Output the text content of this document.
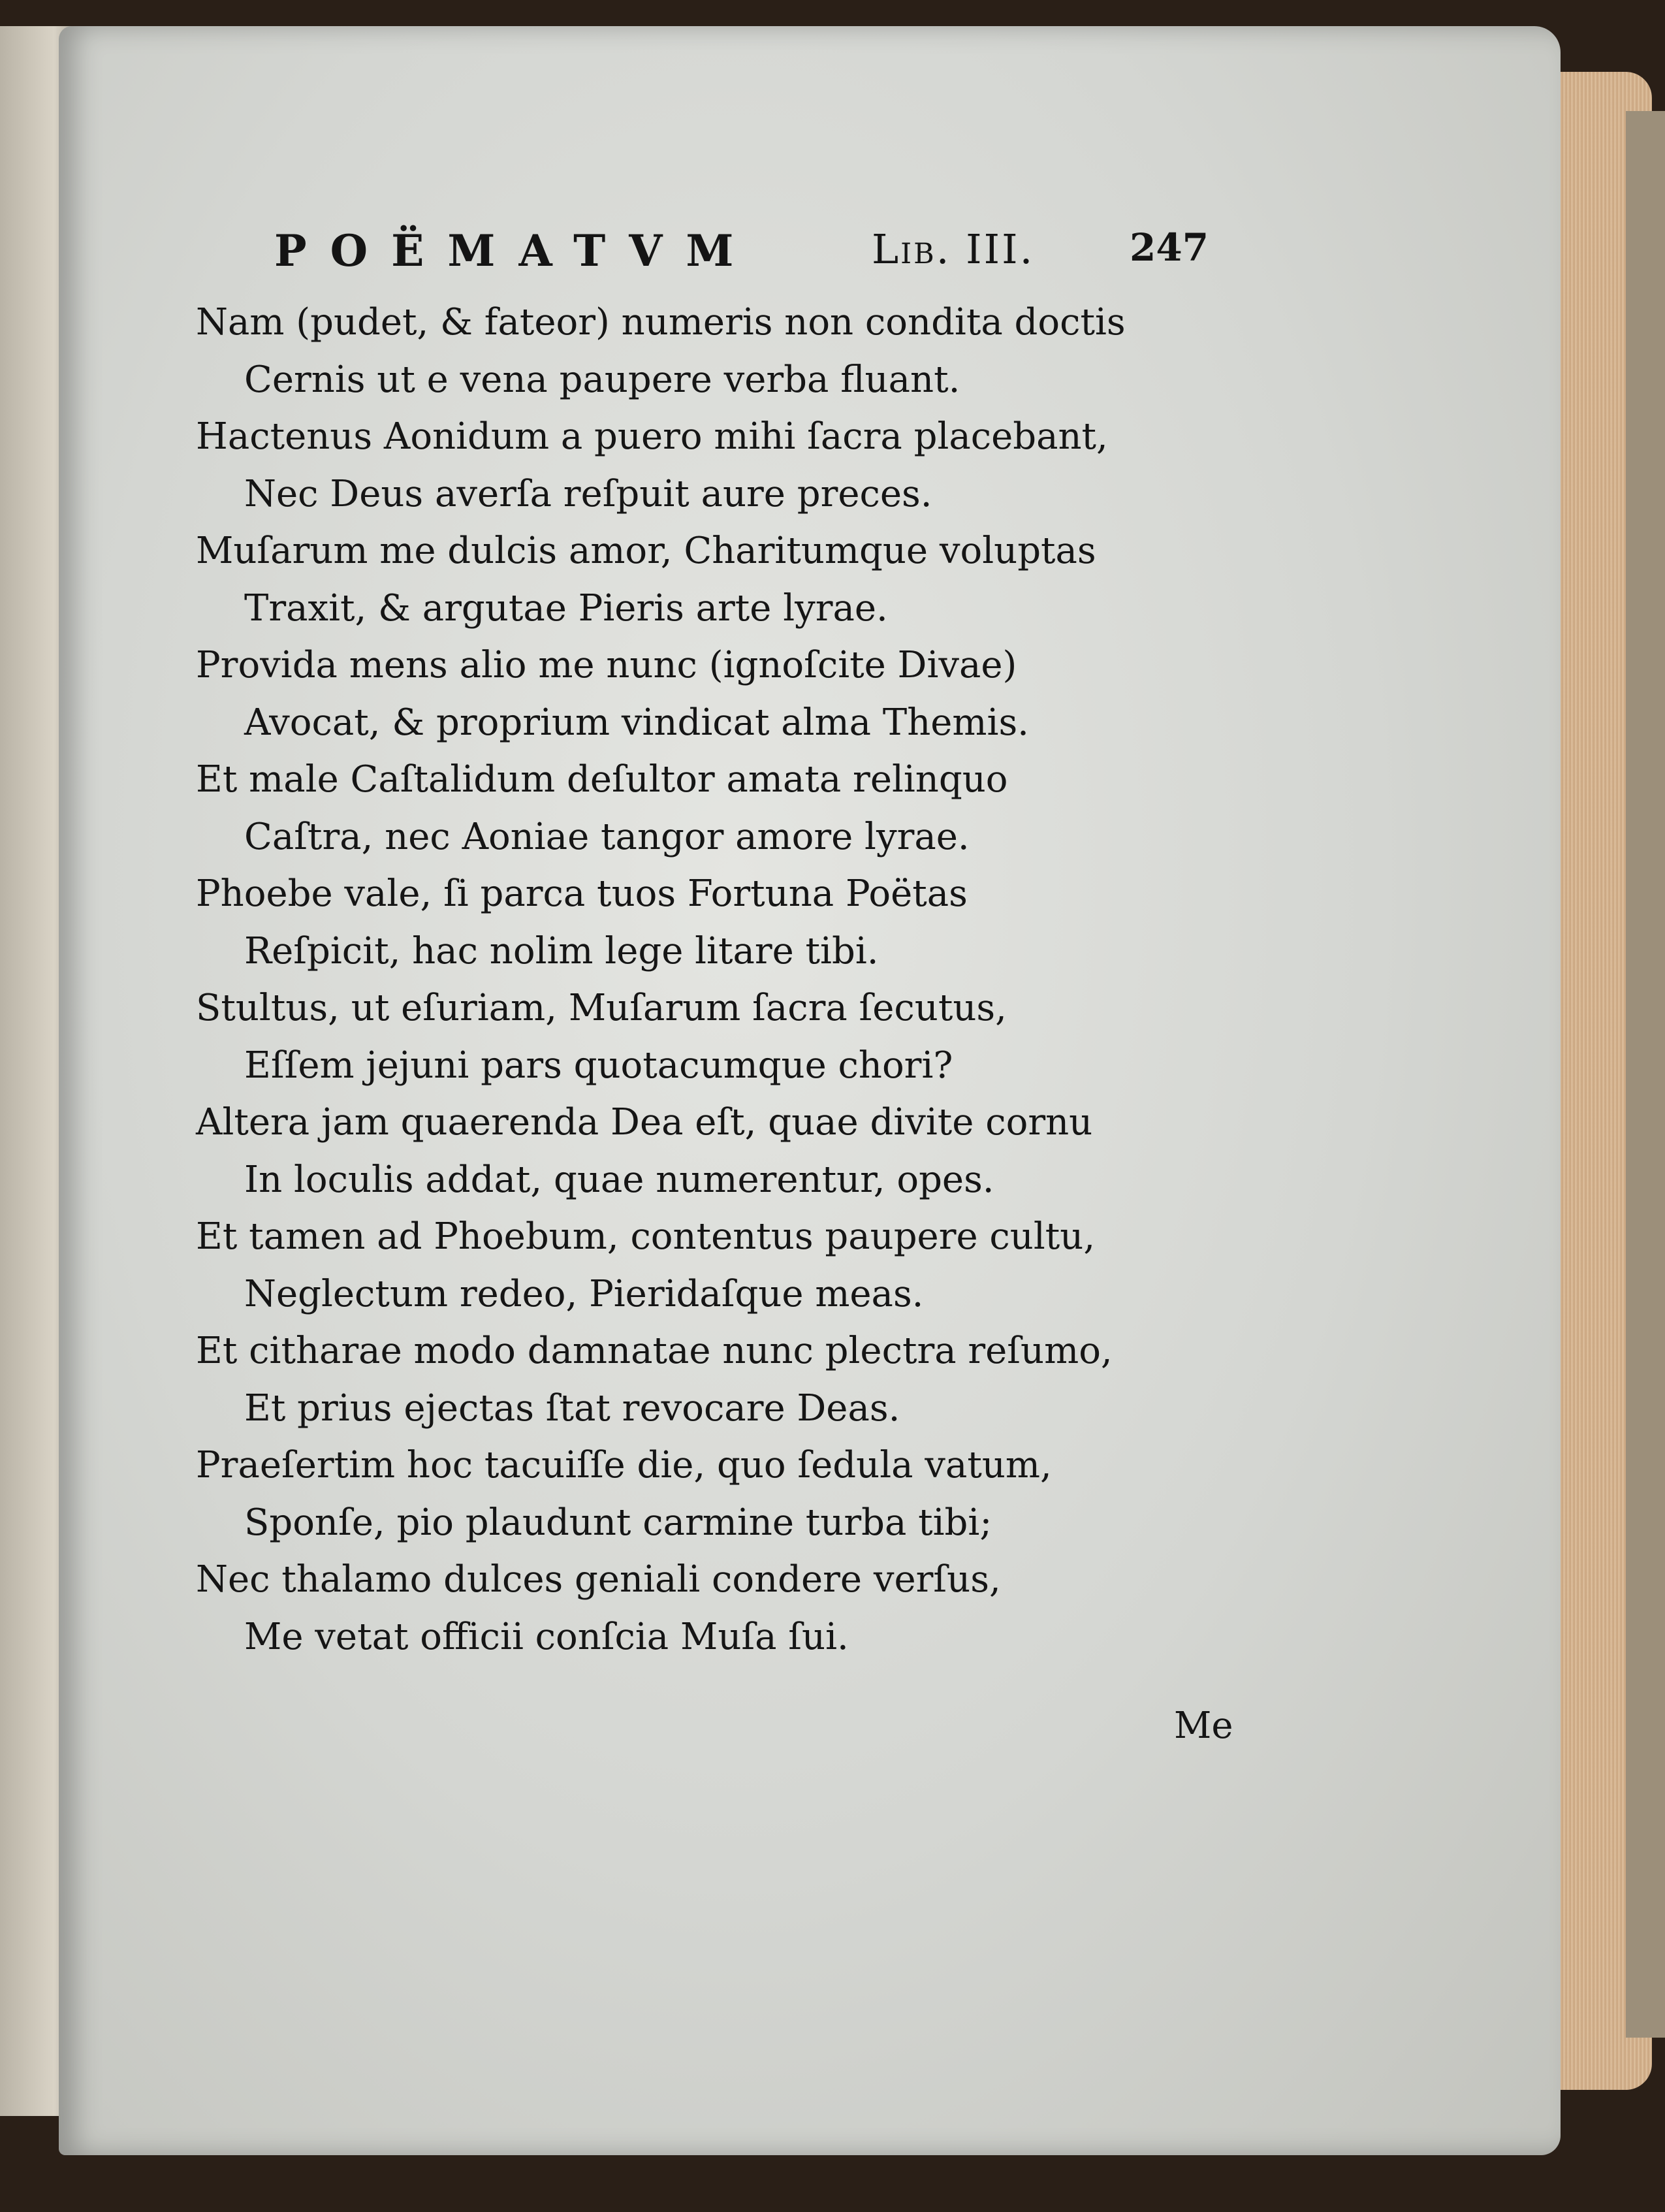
POËMATVM	Lib. III.	247
Nam (pudet, & fateor) numeris non condita doctis
Cernis ut e vena paupere verba fluant.
Hactenus Aonidum a puero mihi ſacra placebant,
Nec Deus averſa reſpuit aure preces.
Muſarum me dulcis amor, Charitumque voluptas
Traxit, & argutae Pieris arte lyrae.
Provida mens alio me nunc (ignoſcite Divae)
Avocat, & proprium vindicat alma Themis.
Et male Caſtalidum deſultor amata relinquo
Caſtra, nec Aoniae tangor amore lyrae.
Phoebe vale, ſi parca tuos Fortuna Poëtas
Reſpicit, hac nolim lege litare tibi.
Stultus, ut eſuriam, Muſarum ſacra ſecutus,
Eſſem jejuni pars quotacumque chori?
Altera jam quaerenda Dea eſt, quae divite cornu
In loculis addat, quae numerentur, opes.
Et tamen ad Phoebum, contentus paupere cultu,
Neglectum redeo, Pieridaſque meas.
Et citharae modo damnatae nunc plectra reſumo,
Et prius ejectas ſtat revocare Deas.
Praeſertim hoc tacuiſſe die, quo ſedula vatum,
Sponſe, pio plaudunt carmine turba tibi;
Nec thalamo dulces geniali condere verſus,
Me vetat officii conſcia Muſa ſui.
Me
